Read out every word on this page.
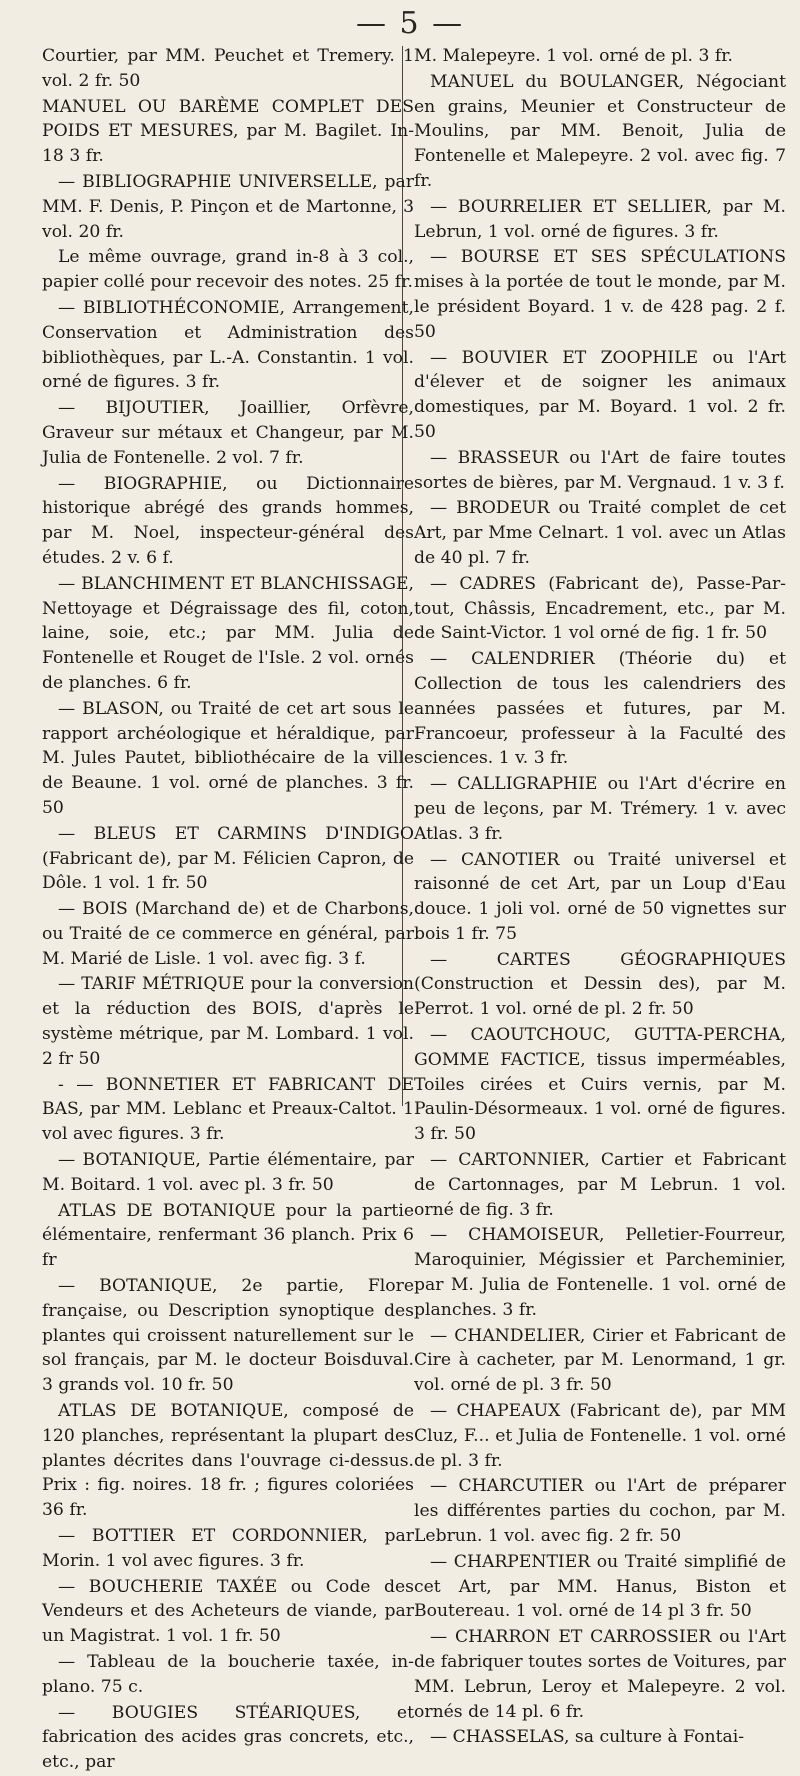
— 5 —

Courtier, par MM. Peuchet et Tremery. 1 vol. 2 fr. 50

MANUEL OU BARÈME COMPLET DES POIDS ET MESURES, par M. Bagilet. In-18 3 fr.

— BIBLIOGRAPHIE UNIVERSELLE, par MM. F. Denis, P. Pinçon et de Martonne, 3 vol. 20 fr.

Le même ouvrage, grand in-8 à 3 col., papier collé pour recevoir des notes. 25 fr.

— BIBLIOTHÉCONOMIE, Arrangement, Conservation et Administration des bibliothèques, par L.-A. Constantin. 1 vol. orné de figures. 3 fr.

— BIJOUTIER, Joaillier, Orfèvre, Graveur sur métaux et Changeur, par M. Julia de Fontenelle. 2 vol. 7 fr.

— BIOGRAPHIE, ou Dictionnaire historique abrégé des grands hommes, par M. Noel, inspecteur-général des études. 2 v. 6 f.

— BLANCHIMENT ET BLANCHISSAGE, Nettoyage et Dégraissage des fil, coton, laine, soie, etc.; par MM. Julia de Fontenelle et Rouget de l'Isle. 2 vol. ornés de planches. 6 fr.

— BLASON, ou Traité de cet art sous le rapport archéologique et héraldique, par M. Jules Pautet, bibliothécaire de la ville de Beaune. 1 vol. orné de planches. 3 fr. 50

— BLEUS ET CARMINS D'INDIGO (Fabricant de), par M. Félicien Capron, de Dôle. 1 vol. 1 fr. 50

— BOIS (Marchand de) et de Charbons, ou Traité de ce commerce en général, par M. Marié de Lisle. 1 vol. avec fig. 3 f.

— TARIF MÉTRIQUE pour la conversion et la réduction des BOIS, d'après le système métrique, par M. Lombard. 1 vol. 2 fr 50

- — BONNETIER ET FABRICANT DE BAS, par MM. Leblanc et Preaux-Caltot. 1 vol avec figures. 3 fr.

— BOTANIQUE, Partie élémentaire, par M. Boitard. 1 vol. avec pl. 3 fr. 50

ATLAS DE BOTANIQUE pour la partie élémentaire, renfermant 36 planch. Prix 6 fr

— BOTANIQUE, 2e partie, Flore française, ou Description synoptique des plantes qui croissent naturellement sur le sol français, par M. le docteur Boisduval. 3 grands vol. 10 fr. 50

ATLAS DE BOTANIQUE, composé de 120 planches, représentant la plupart des plantes décrites dans l'ouvrage ci-dessus. Prix : fig. noires. 18 fr. ; figures coloriées 36 fr.

— BOTTIER ET CORDONNIER, par Morin. 1 vol avec figures. 3 fr.

— BOUCHERIE TAXÉE ou Code des Vendeurs et des Acheteurs de viande, par un Magistrat. 1 vol. 1 fr. 50

— Tableau de la boucherie taxée, in-plano. 75 c.

— BOUGIES STÉARIQUES, et fabrication des acides gras concrets, etc., etc., par

M. Malepeyre. 1 vol. orné de pl. 3 fr.

MANUEL du BOULANGER, Négociant en grains, Meunier et Constructeur de Moulins, par MM. Benoit, Julia de Fontenelle et Malepeyre. 2 vol. avec fig. 7 fr.

— BOURRELIER ET SELLIER, par M. Lebrun, 1 vol. orné de figures. 3 fr.

— BOURSE ET SES SPÉCULATIONS mises à la portée de tout le monde, par M. le président Boyard. 1 v. de 428 pag. 2 f. 50

— BOUVIER ET ZOOPHILE ou l'Art d'élever et de soigner les animaux domestiques, par M. Boyard. 1 vol. 2 fr. 50

— BRASSEUR ou l'Art de faire toutes sortes de bières, par M. Vergnaud. 1 v. 3 f.

— BRODEUR ou Traité complet de cet Art, par Mme Celnart. 1 vol. avec un Atlas de 40 pl. 7 fr.

— CADRES (Fabricant de), Passe-Par-tout, Châssis, Encadrement, etc., par M. de Saint-Victor. 1 vol orné de fig. 1 fr. 50

— CALENDRIER (Théorie du) et Collection de tous les calendriers des années passées et futures, par M. Francoeur, professeur à la Faculté des sciences. 1 v. 3 fr.

— CALLIGRAPHIE ou l'Art d'écrire en peu de leçons, par M. Trémery. 1 v. avec Atlas. 3 fr.

— CANOTIER ou Traité universel et raisonné de cet Art, par un Loup d'Eau douce. 1 joli vol. orné de 50 vignettes sur bois 1 fr. 75

— CARTES GÉOGRAPHIQUES (Construction et Dessin des), par M. Perrot. 1 vol. orné de pl. 2 fr. 50

— CAOUTCHOUC, GUTTA-PERCHA, GOMME FACTICE, tissus imperméables, Toiles cirées et Cuirs vernis, par M. Paulin-Désormeaux. 1 vol. orné de figures. 3 fr. 50

— CARTONNIER, Cartier et Fabricant de Cartonnages, par M Lebrun. 1 vol. orné de fig. 3 fr.

— CHAMOISEUR, Pelletier-Fourreur, Maroquinier, Mégissier et Parcheminier, par M. Julia de Fontenelle. 1 vol. orné de planches. 3 fr.

— CHANDELIER, Cirier et Fabricant de Cire à cacheter, par M. Lenormand, 1 gr. vol. orné de pl. 3 fr. 50

— CHAPEAUX (Fabricant de), par MM Cluz, F... et Julia de Fontenelle. 1 vol. orné de pl. 3 fr.

— CHARCUTIER ou l'Art de préparer les différentes parties du cochon, par M. Lebrun. 1 vol. avec fig. 2 fr. 50

— CHARPENTIER ou Traité simplifié de cet Art, par MM. Hanus, Biston et Boutereau. 1 vol. orné de 14 pl 3 fr. 50

— CHARRON ET CARROSSIER ou l'Art de fabriquer toutes sortes de Voitures, par MM. Lebrun, Leroy et Malepeyre. 2 vol. ornés de 14 pl. 6 fr.

— CHASSELAS, sa culture à Fontai-
